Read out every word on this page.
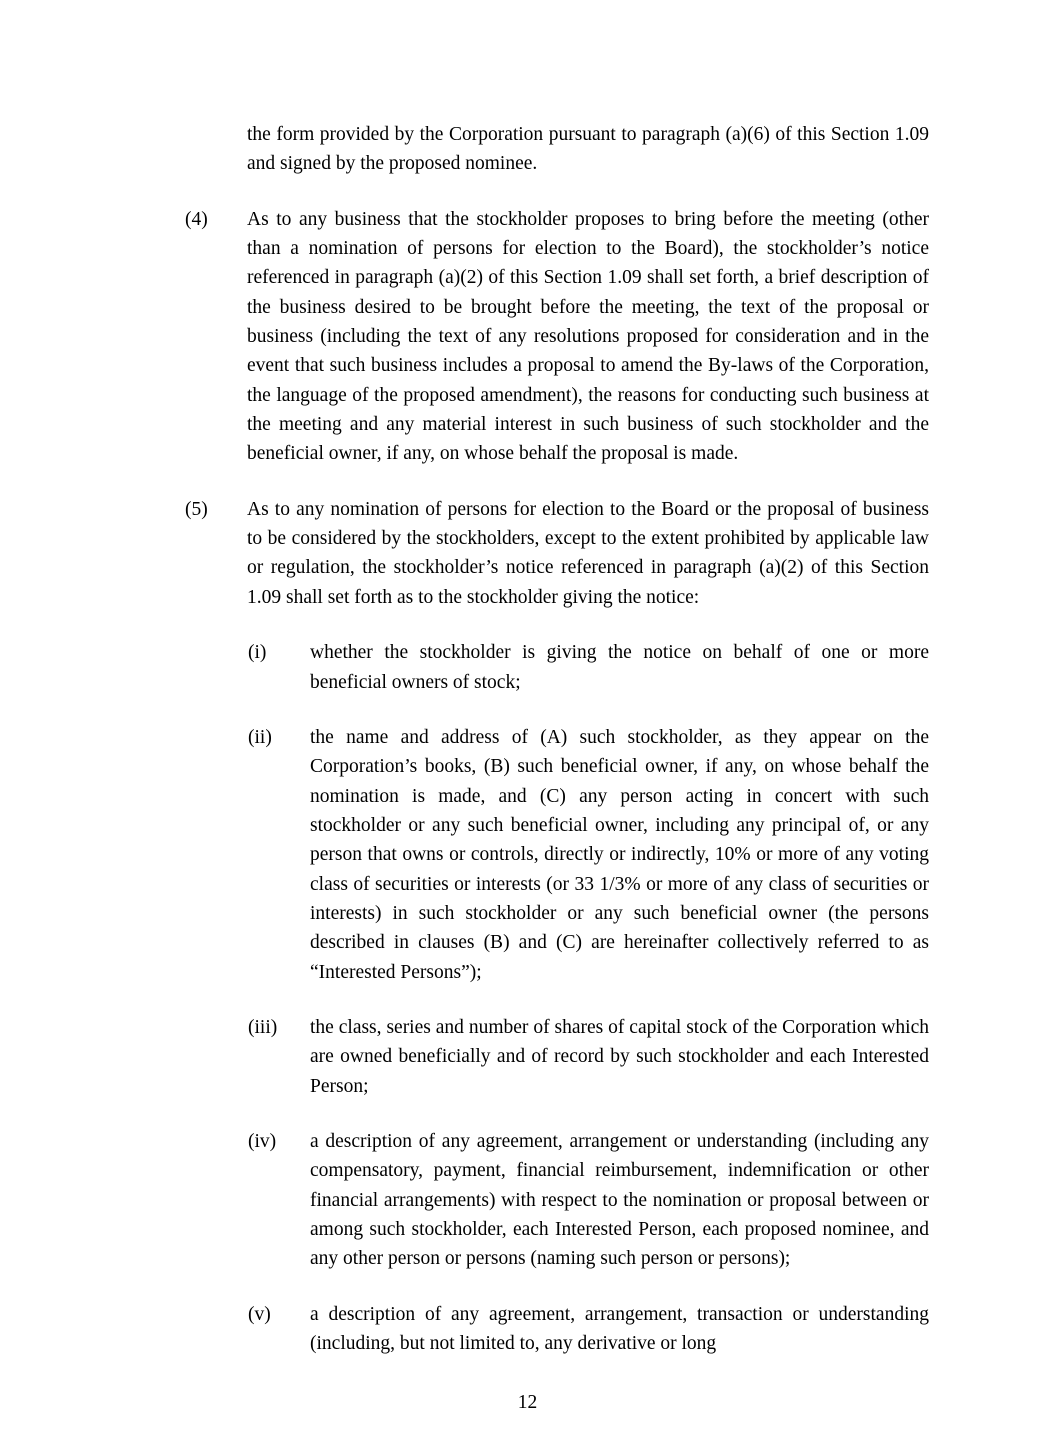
the form provided by the Corporation pursuant to paragraph (a)(6) of this Section 1.09 and signed by the proposed nominee.
(4)	As to any business that the stockholder proposes to bring before the meeting (other than a nomination of persons for election to the Board), the stockholder’s notice referenced in paragraph (a)(2) of this Section 1.09 shall set forth, a brief description of the business desired to be brought before the meeting, the text of the proposal or business (including the text of any resolutions proposed for consideration and in the event that such business includes a proposal to amend the By-laws of the Corporation, the language of the proposed amendment), the reasons for conducting such business at the meeting and any material interest in such business of such stockholder and the beneficial owner, if any, on whose behalf the proposal is made.
(5)	As to any nomination of persons for election to the Board or the proposal of business to be considered by the stockholders, except to the extent prohibited by applicable law or regulation, the stockholder’s notice referenced in paragraph (a)(2) of this Section 1.09 shall set forth as to the stockholder giving the notice:
(i)	whether the stockholder is giving the notice on behalf of one or more beneficial owners of stock;
(ii)	the name and address of (A) such stockholder, as they appear on the Corporation’s books, (B) such beneficial owner, if any, on whose behalf the nomination is made, and (C) any person acting in concert with such stockholder or any such beneficial owner, including any principal of, or any person that owns or controls, directly or indirectly, 10% or more of any voting class of securities or interests (or 33 1/3% or more of any class of securities or interests) in such stockholder or any such beneficial owner (the persons described in clauses (B) and (C) are hereinafter collectively referred to as “Interested Persons”);
(iii)	the class, series and number of shares of capital stock of the Corporation which are owned beneficially and of record by such stockholder and each Interested Person;
(iv)	a description of any agreement, arrangement or understanding (including any compensatory, payment, financial reimbursement, indemnification or other financial arrangements) with respect to the nomination or proposal between or among such stockholder, each Interested Person, each proposed nominee, and any other person or persons (naming such person or persons);
(v)	a description of any agreement, arrangement, transaction or understanding (including, but not limited to, any derivative or long
12
